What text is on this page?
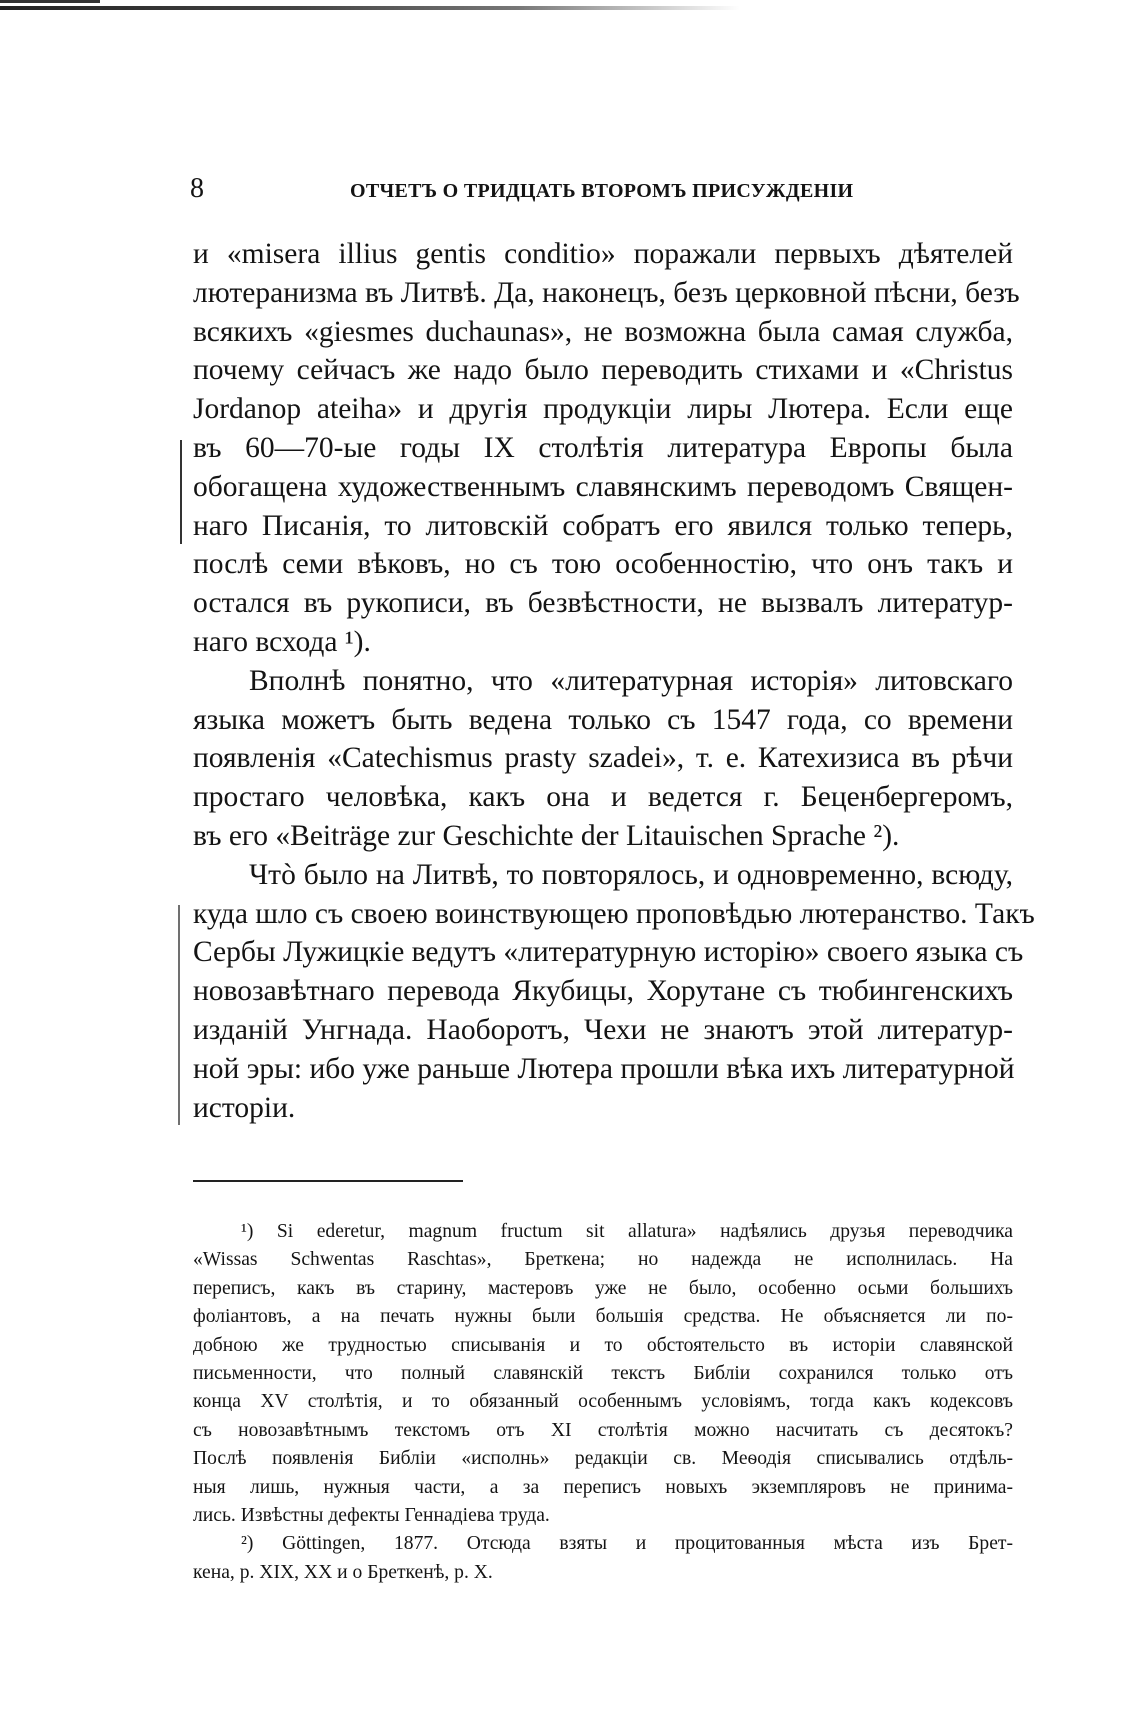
8	ОТЧЕТЪ О ТРИДЦАТЬ ВТОРОМЪ ПРИСУЖДЕНІИ

и «misera illius gentis conditio» поражали первыхъ дѣятелей
лютеранизма въ Литвѣ. Да, наконецъ, безъ церковной пѣсни, безъ
всякихъ «giesmes duchaunas», не возможна была самая служба,
почему сейчасъ же надо было переводить стихами и «Christus
Jordanop ateiha» и другія продукціи лиры Лютера. Если еще
въ 60—70-ые годы IX столѣтія литература Европы была
обогащена художественнымъ славянскимъ переводомъ Священ-
наго Писанія, то литовскій собратъ его явился только теперь,
послѣ семи вѣковъ, но съ тою особенностію, что онъ такъ и
остался въ рукописи, въ безвѣстности, не вызвалъ литератур-
наго всхода ¹).

Вполнѣ понятно, что «литературная исторія» литовскаго
языка можетъ быть ведена только съ 1547 года, со времени
появленія «Catechismus prasty szadei», т. е. Катехизиса въ рѣчи
простаго человѣка, какъ она и ведется г. Беценбергеромъ,
въ его «Beiträge zur Geschichte der Litauischen Sprache ²).

Чтò было на Литвѣ, то повторялось, и одновременно, всюду,
куда шло съ своею воинствующею проповѣдью лютеранство. Такъ
Сербы Лужицкіе ведутъ «литературную исторію» своего языка съ
новозавѣтнаго перевода Якубицы, Хорутане съ тюбингенскихъ
изданій Унгнада. Наоборотъ, Чехи не знаютъ этой литератур-
ной эры: ибо уже раньше Лютера прошли вѣка ихъ литературной
исторіи.

¹) Si ederetur, magnum fructum sit allatura» надѣялись друзья переводчика
«Wissas Schwentas Raschtas», Бреткена; но надежда не исполнилась. На
переписъ, какъ въ старину, мастеровъ уже не было, особенно осьми большихъ
фоліантовъ, а на печать нужны были большія средства. Не объясняется ли по-
добною же трудностью списыванія и то обстоятельсто въ исторіи славянской
письменности, что полный славянскій текстъ Библіи сохранился только отъ
конца XV столѣтія, и то обязанный особеннымъ условіямъ, тогда какъ кодексовъ
съ новозавѣтнымъ текстомъ отъ XI столѣтія можно насчитать съ десятокъ?
Послѣ появленія Библіи «исполнь» редакціи св. Меѳодія списывались отдѣль-
ныя лишь, нужныя части, а за переписъ новыхъ экземпляровъ не принима-
лись. Извѣстны дефекты Геннадіева труда.
²) Göttingen, 1877. Отсюда взяты и процитованныя мѣста изъ Брет-
кена, р. XIX, XX и о Бреткенѣ, р. X.
